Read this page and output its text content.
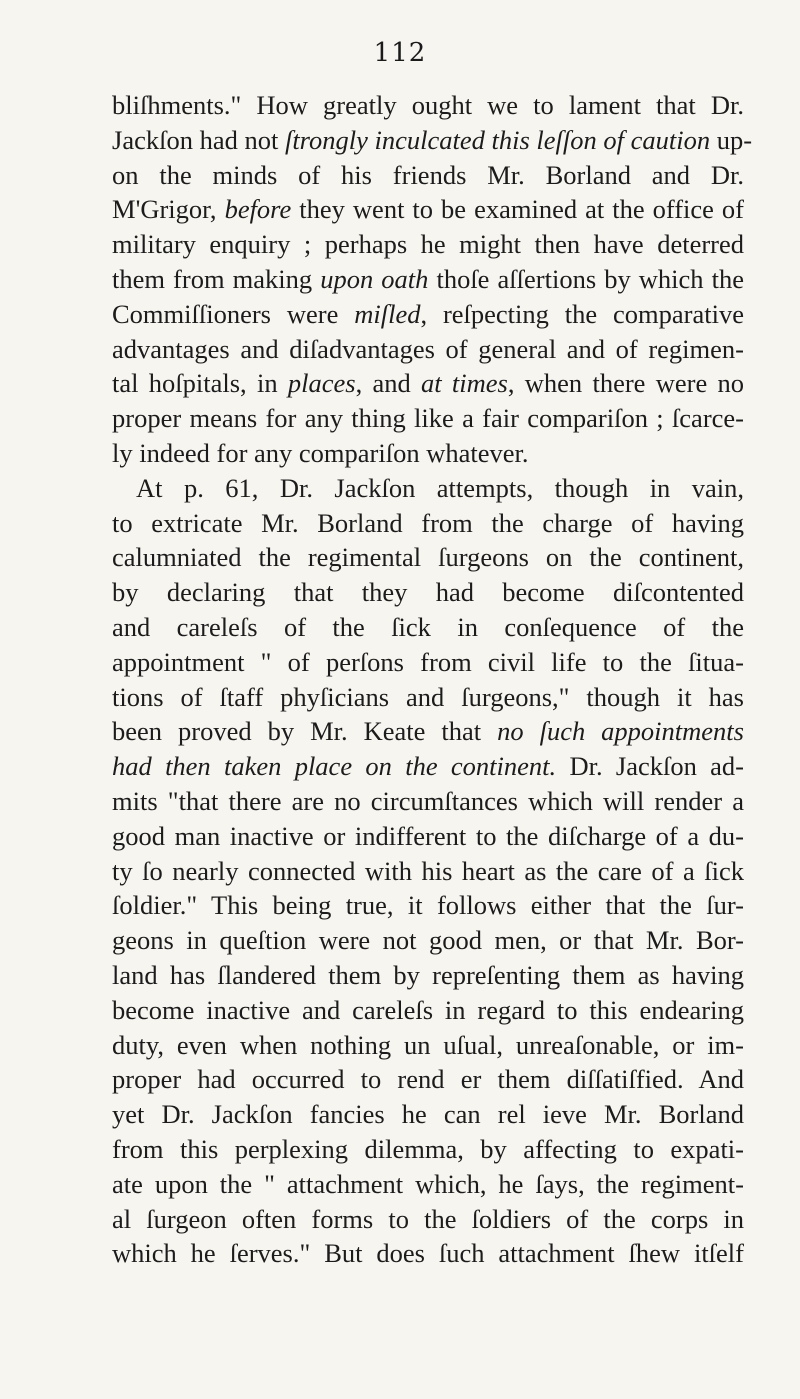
112
bliſhments." How greatly ought we to lament that Dr.
Jackſon had not ſtrongly inculcated this leſſon of caution up-
on the minds of his friends Mr. Borland and Dr.
M'Grigor, before they went to be examined at the office of
military enquiry ; perhaps he might then have deterred
them from making upon oath thoſe aſſertions by which the
Commiſſioners were miſled, reſpecting the comparative
advantages and diſadvantages of general and of regimen-
tal hoſpitals, in places, and at times, when there were no
proper means for any thing like a fair compariſon ; ſcarce-
ly indeed for any compariſon whatever.
At p. 61, Dr. Jackſon attempts, though in vain,
to extricate Mr. Borland from the charge of having
calumniated the regimental ſurgeons on the continent,
by declaring that they had become diſcontented
and careleſs of the ſick in conſequence of the
appointment " of perſons from civil life to the ſitua-
tions of ſtaff phyſicians and ſurgeons," though it has
been proved by Mr. Keate that no ſuch appointments
had then taken place on the continent. Dr. Jackſon ad-
mits "that there are no circumſtances which will render a
good man inactive or indifferent to the diſcharge of a du-
ty ſo nearly connected with his heart as the care of a ſick
ſoldier." This being true, it follows either that the ſur-
geons in queſtion were not good men, or that Mr. Bor-
land has ſlandered them by repreſenting them as having
become inactive and careleſs in regard to this endearing
duty, even when nothing un uſual, unreaſonable, or im-
proper had occurred to rend er them diſſatiſfied. And
yet Dr. Jackſon fancies he can rel ieve Mr. Borland
from this perplexing dilemma, by affecting to expati-
ate upon the " attachment which, he ſays, the regiment-
al ſurgeon often forms to the ſoldiers of the corps in
which he ſerves." But does ſuch attachment ſhew itſelf
